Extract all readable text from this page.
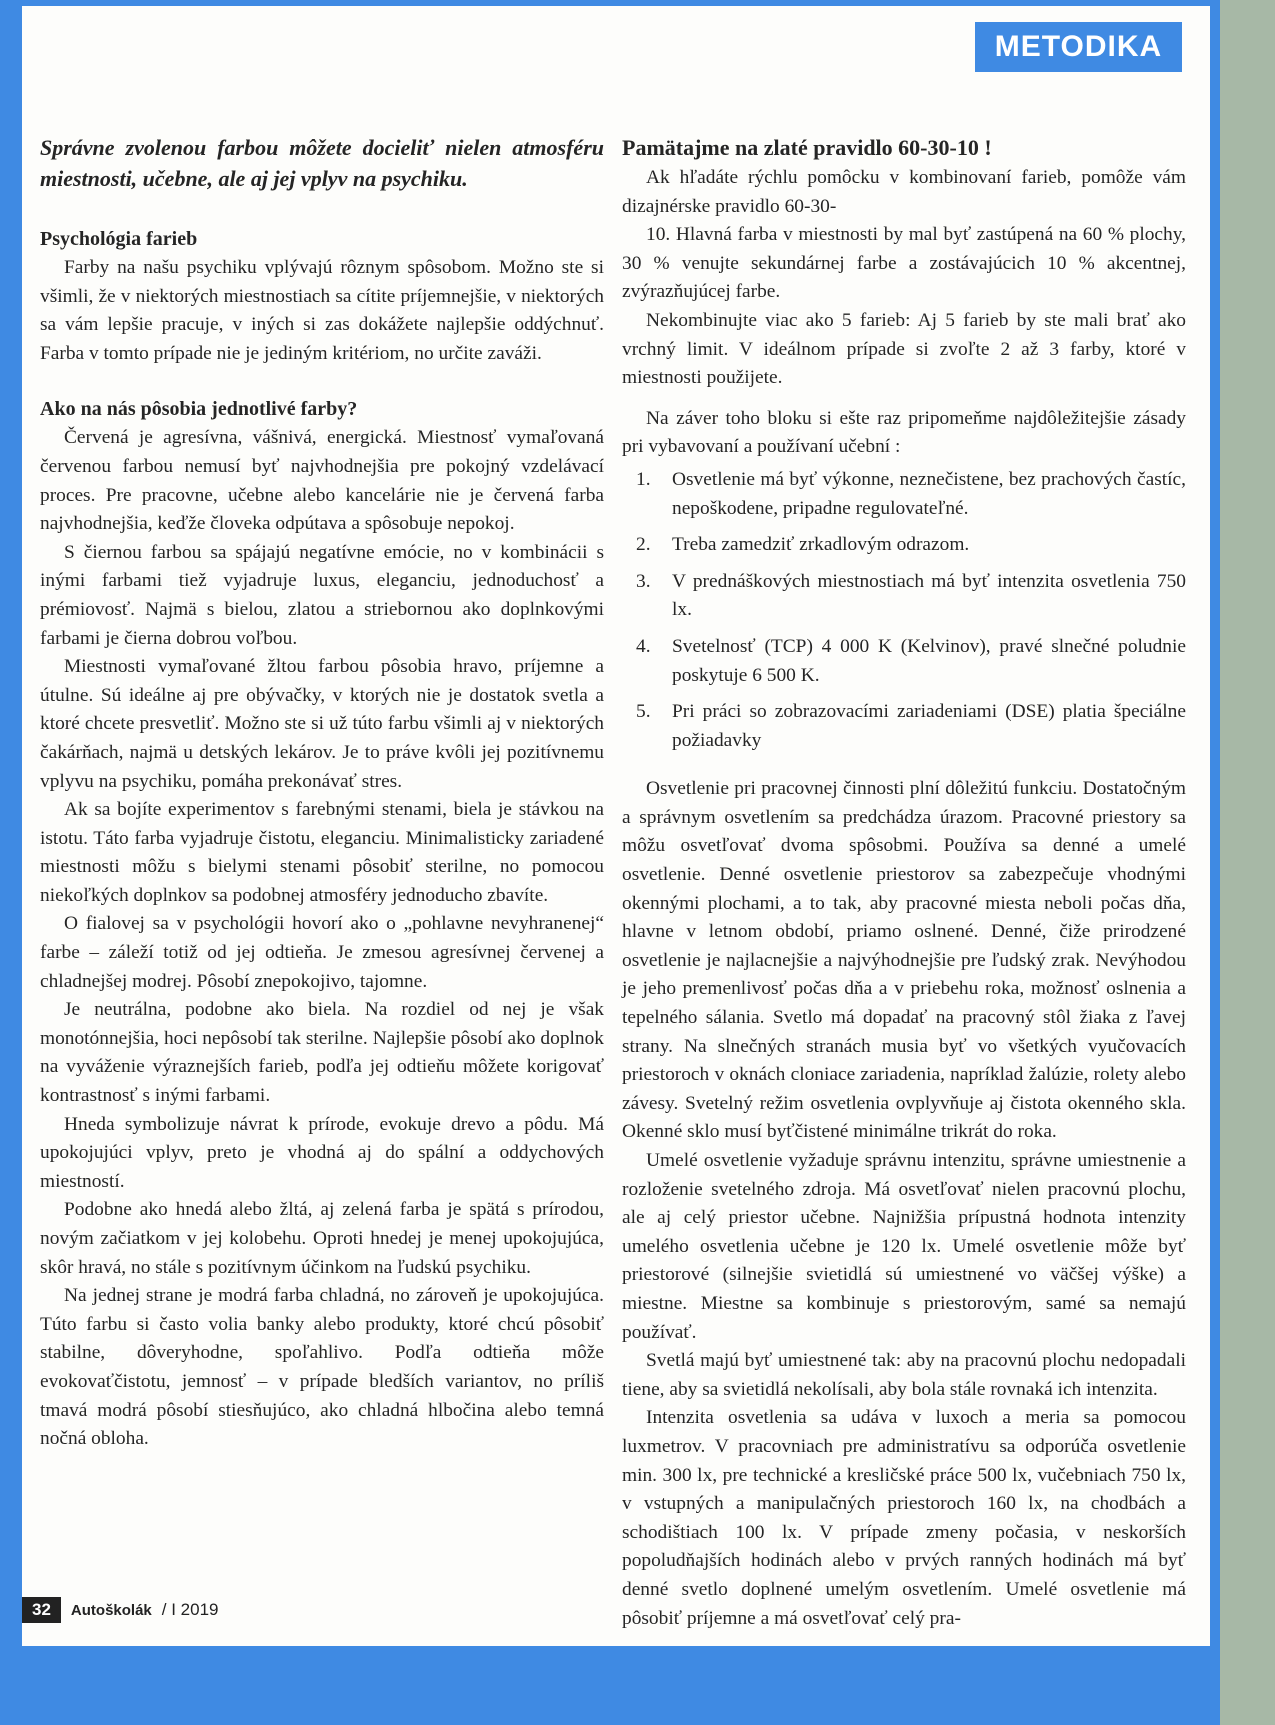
METODIKA

Správne zvolenou farbou môžete docieliť nielen atmosféru miestnosti, učebne, ale aj jej vplyv na psychiku.

Psychológia farieb

Farby na našu psychiku vplývajú rôznym spôsobom. Možno ste si všimli, že v niektorých miestnostiach sa cítite príjemnejšie, v niektorých sa vám lepšie pracuje, v iných si zas dokážete najlepšie oddýchnuť. Farba v tomto prípade nie je jediným kritériom, no určite zaváži.

Ako na nás pôsobia jednotlivé farby?

Červená je agresívna, vášnivá, energická. Miestnosť vymaľovaná červenou farbou nemusí byť najvhodnejšia pre pokojný vzdelávací proces. Pre pracovne, učebne alebo kancelárie nie je červená farba najvhodnejšia, keďže človeka odpútava a spôsobuje nepokoj.

S čiernou farbou sa spájajú negatívne emócie, no v kombinácii s inými farbami tiež vyjadruje luxus, eleganciu, jednoduchosť a prémiovosť. Najmä s bielou, zlatou a striebornou ako doplnkovými farbami je čierna dobrou voľbou.

Miestnosti vymaľované žltou farbou pôsobia hravo, príjemne a útulne. Sú ideálne aj pre obývačky, v ktorých nie je dostatok svetla a ktoré chcete presvetliť. Možno ste si už túto farbu všimli aj v niektorých čakárňach, najmä u detských lekárov. Je to práve kvôli jej pozitívnemu vplyvu na psychiku, pomáha prekonávať stres.

Ak sa bojíte experimentov s farebnými stenami, biela je stávkou na istotu. Táto farba vyjadruje čistotu, eleganciu. Minimalisticky zariadené miestnosti môžu s bielymi stenami pôsobiť sterilne, no pomocou niekoľkých doplnkov sa podobnej atmosféry jednoducho zbavíte.

O fialovej sa v psychológii hovorí ako o „pohlavne nevyhranenej“ farbe – záleží totiž od jej odtieňa. Je zmesou agresívnej červenej a chladnejšej modrej. Pôsobí znepokojivo, tajomne.

Je neutrálna, podobne ako biela. Na rozdiel od nej je však monotónnejšia, hoci nepôsobí tak sterilne. Najlepšie pôsobí ako doplnok na vyváženie výraznejších farieb, podľa jej odtieňu môžete korigovať kontrastnosť s inými farbami.

Hneda symbolizuje návrat k prírode, evokuje drevo a pôdu. Má upokojujúci vplyv, preto je vhodná aj do spální a oddychových miestností.

Podobne ako hnedá alebo žltá, aj zelená farba je spätá s prírodou, novým začiatkom v jej kolobehu. Oproti hnedej je menej upokojujúca, skôr hravá, no stále s pozitívnym účinkom na ľudskú psychiku.

Na jednej strane je modrá farba chladná, no zároveň je upokojujúca. Túto farbu si často volia banky alebo produkty, ktoré chcú pôsobiť stabilne, dôveryhodne, spoľahlivo. Podľa odtieňa môže evokovaťčistotu, jemnosť – v prípade bledších variantov, no príliš tmavá modrá pôsobí stiesňujúco, ako chladná hlbočina alebo temná nočná obloha.

Pamätajme na zlaté pravidlo 60-30-10 !

Ak hľadáte rýchlu pomôcku v kombinovaní farieb, pomôže vám dizajnérske pravidlo 60-30-

10. Hlavná farba v miestnosti by mal byť zastúpená na 60 % plochy, 30 % venujte sekundárnej farbe a zostávajúcich 10 % akcentnej, zvýrazňujúcej farbe.

Nekombinujte viac ako 5 farieb: Aj 5 farieb by ste mali brať ako vrchný limit. V ideálnom prípade si zvoľte 2 až 3 farby, ktoré v miestnosti použijete.

Na záver toho bloku si ešte raz pripomeňme najdôležitejšie zásady pri vybavovaní a používaní učební :

1.	Osvetlenie má byť výkonne, neznečistene, bez prachových častíc, nepoškodene, pripadne regulovateľné.
2.	Treba zamedziť zrkadlovým odrazom.
3.	V prednáškových miestnostiach má byť intenzita osvetlenia 750 lx.
4.	Svetelnosť (TCP) 4 000 K (Kelvinov), pravé slnečné poludnie poskytuje 6 500 K.
5.	Pri práci so zobrazovacími zariadeniami (DSE) platia špeciálne požiadavky

Osvetlenie pri pracovnej činnosti plní dôležitú funkciu. Dostatočným a správnym osvetlením sa predchádza úrazom. Pracovné priestory sa môžu osvetľovať dvoma spôsobmi. Používa sa denné a umelé osvetlenie. Denné osvetlenie priestorov sa zabezpečuje vhodnými okennými plochami, a to tak, aby pracovné miesta neboli počas dňa, hlavne v letnom období, priamo oslnené. Denné, čiže prirodzené osvetlenie je najlacnejšie a najvýhodnejšie pre ľudský zrak. Nevýhodou je jeho premenlivosť počas dňa a v priebehu roka, možnosť oslnenia a tepelného sálania. Svetlo má dopadať na pracovný stôl žiaka z ľavej strany. Na slnečných stranách musia byť vo všetkých vyučovacích priestoroch v oknách cloniace zariadenia, napríklad žalúzie, rolety alebo závesy. Svetelný režim osvetlenia ovplyvňuje aj čistota okenného skla. Okenné sklo musí byťčistené minimálne trikrát do roka.

Umelé osvetlenie vyžaduje správnu intenzitu, správne umiestnenie a rozloženie svetelného zdroja. Má osvetľovať nielen pracovnú plochu, ale aj celý priestor učebne. Najnižšia prípustná hodnota intenzity umelého osvetlenia učebne je 120 lx. Umelé osvetlenie môže byť priestorové (silnejšie svietidlá sú umiestnené vo väčšej výške) a miestne. Miestne sa kombinuje s priestorovým, samé sa nemajú používať.

Svetlá majú byť umiestnené tak: aby na pracovnú plochu nedopadali tiene, aby sa svietidlá nekolísali, aby bola stále rovnaká ich intenzita.

Intenzita osvetlenia sa udáva v luxoch a meria sa pomocou luxmetrov. V pracovniach pre administratívu sa odporúča osvetlenie min. 300 lx, pre technické a kresličské práce 500 lx, vučebniach 750 lx, v vstupných a manipulačných priestoroch 160 lx, na chodbách a schodištiach 100 lx. V prípade zmeny počasia, v neskorších popoludňajších hodinách alebo v prvých ranných hodinách má byť denné svetlo doplnené umelým osvetlením. Umelé osvetlenie má pôsobiť príjemne a má osvetľovať celý pra-

32	Autoškolák / I 2019
